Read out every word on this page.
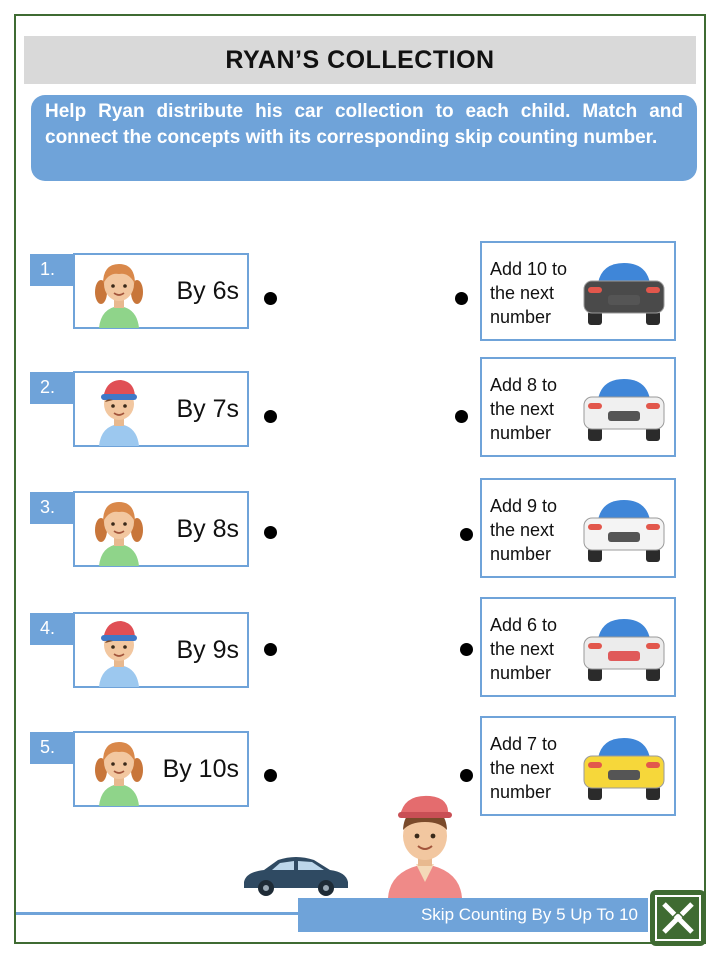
RYAN’S COLLECTION
Help Ryan distribute his car collection to each child. Match and connect the concepts with its corresponding skip counting number.
Skip Counting By 5 Up To 10
By 6s
1.
By 7s
2.
By 8s
3.
By 9s
4.
By 10s
5.
Add 10 to
the next
number
Add 8 to
the next
number
Add 9 to
the next
number
Add 6 to
the next
number
Add 7 to
the next
number
